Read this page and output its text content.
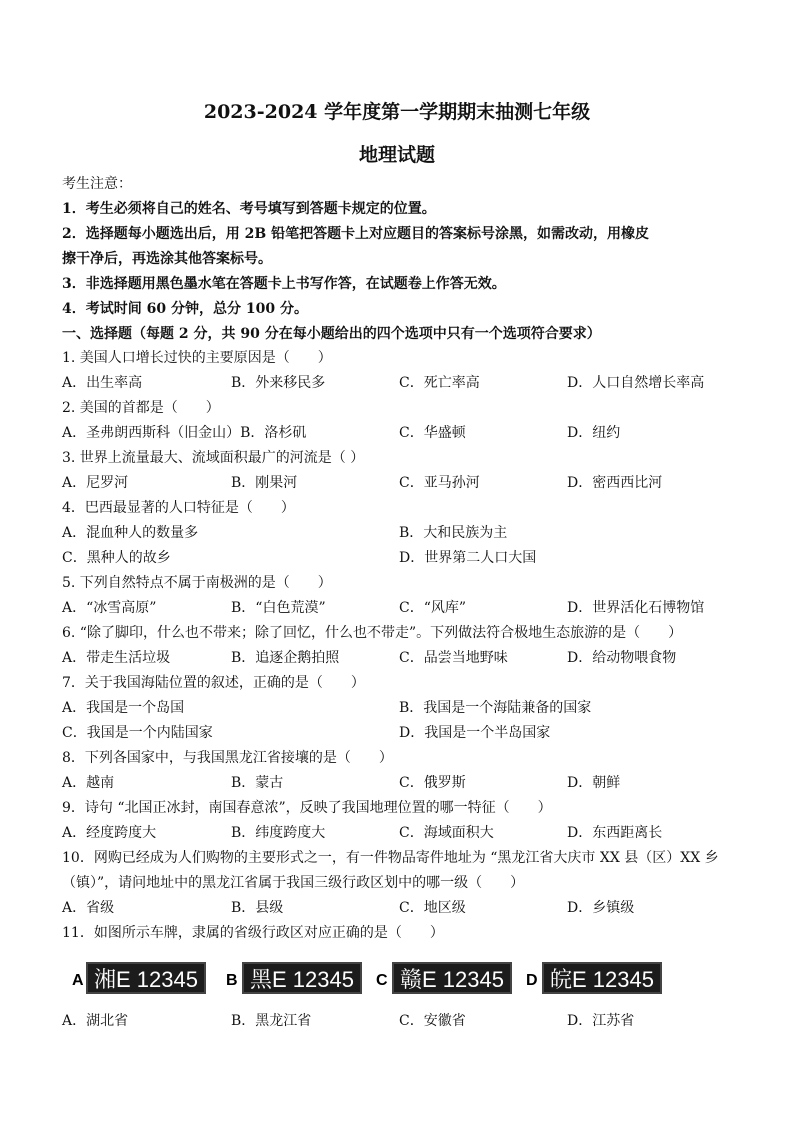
2023-2024 学年度第一学期期末抽测七年级
地理试题
考生注意：
1．考生必须将自己的姓名、考号填写到答题卡规定的位置。
2．选择题每小题选出后，用 2B 铅笔把答题卡上对应题目的答案标号涂黑，如需改动，用橡皮
擦干净后，再选涂其他答案标号。
3．非选择题用黑色墨水笔在答题卡上书写作答，在试题卷上作答无效。
4．考试时间 60 分钟，总分 100 分。
一、选择题（每题 2 分，共 90 分在每小题给出的四个选项中只有一个选项符合要求）
1. 美国人口增长过快的主要原因是（　　）
A．出生率高	B．外来移民多	C．死亡率高	D．人口自然增长率高
2. 美国的首都是（　　）
A．圣弗朗西斯科（旧金山）B．洛杉矶	C．华盛顿	D．纽约
3. 世界上流量最大、流域面积最广的河流是（ ）
A．尼罗河	B．刚果河	C．亚马孙河	D．密西西比河
4．巴西最显著的人口特征是（　　）
A．混血种人的数量多	B．大和民族为主
C．黑种人的故乡	D．世界第二人口大国
5. 下列自然特点不属于南极洲的是（　　）
A．“冰雪高原”	B．“白色荒漠”	C．“风库”	D．世界活化石博物馆
6. “除了脚印，什么也不带来；除了回忆，什么也不带走”。下列做法符合极地生态旅游的是（　　）
A．带走生活垃圾	B．追逐企鹅拍照	C．品尝当地野味	D．给动物喂食物
7．关于我国海陆位置的叙述，正确的是（　　）
A．我国是一个岛国	B．我国是一个海陆兼备的国家
C．我国是一个内陆国家	D．我国是一个半岛国家
8．下列各国家中，与我国黑龙江省接壤的是（　　）
A．越南	B．蒙古	C．俄罗斯	D．朝鲜
9．诗句 “北国正冰封，南国春意浓”，反映了我国地理位置的哪一特征（　　）
A．经度跨度大	B．纬度跨度大	C．海域面积大	D．东西距离长
10．网购已经成为人们购物的主要形式之一，有一件物品寄件地址为 “黑龙江省大庆市 XX 县（区）XX 乡
（镇）”，请问地址中的黑龙江省属于我国三级行政区划中的哪一级（　　）
A．省级	B．县级	C．地区级	D．乡镇级
11．如图所示车牌，隶属的省级行政区对应正确的是（　　）
A 湘E 12345	B 黑E 12345	C 赣E 12345	D 皖E 12345
A．湖北省	B．黑龙江省	C．安徽省	D．江苏省
